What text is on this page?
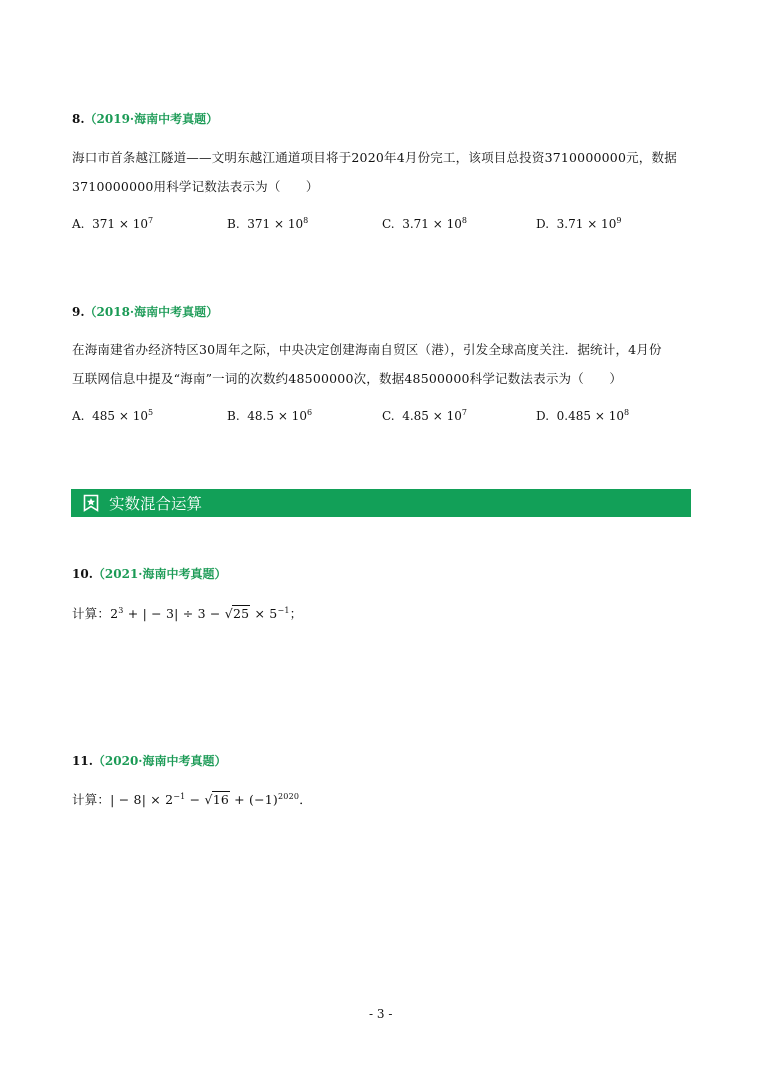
8.（2019·海南中考真题）
海口市首条越江隧道——文明东越江通道项目将于2020年4月份完工，该项目总投资3710000000元，数据
3710000000用科学记数法表示为（　　）
A. $371 \times 10^7$	B. $371 \times 10^8$	C. $3.71 \times 10^8$	D. $3.71 \times 10^9$
9.（2018·海南中考真题）
在海南建省办经济特区30周年之际，中央决定创建海南自贸区（港），引发全球高度关注．据统计，4月份
互联网信息中提及“海南”一词的次数约48500000次，数据48500000科学记数法表示为（　　）
A. $485 \times 10^5$	B. $48.5 \times 10^6$	C. $4.85 \times 10^7$	D. $0.485 \times 10^8$
实数混合运算
10.（2021·海南中考真题）
计算：$2^3$ + | − $3| \div 3 - √25 \times 5^{-1}$；
11.（2020·海南中考真题）
计算：| − $8| \times 2^{-1} - √16 + (-1)^{2020}$．
- 3 -
